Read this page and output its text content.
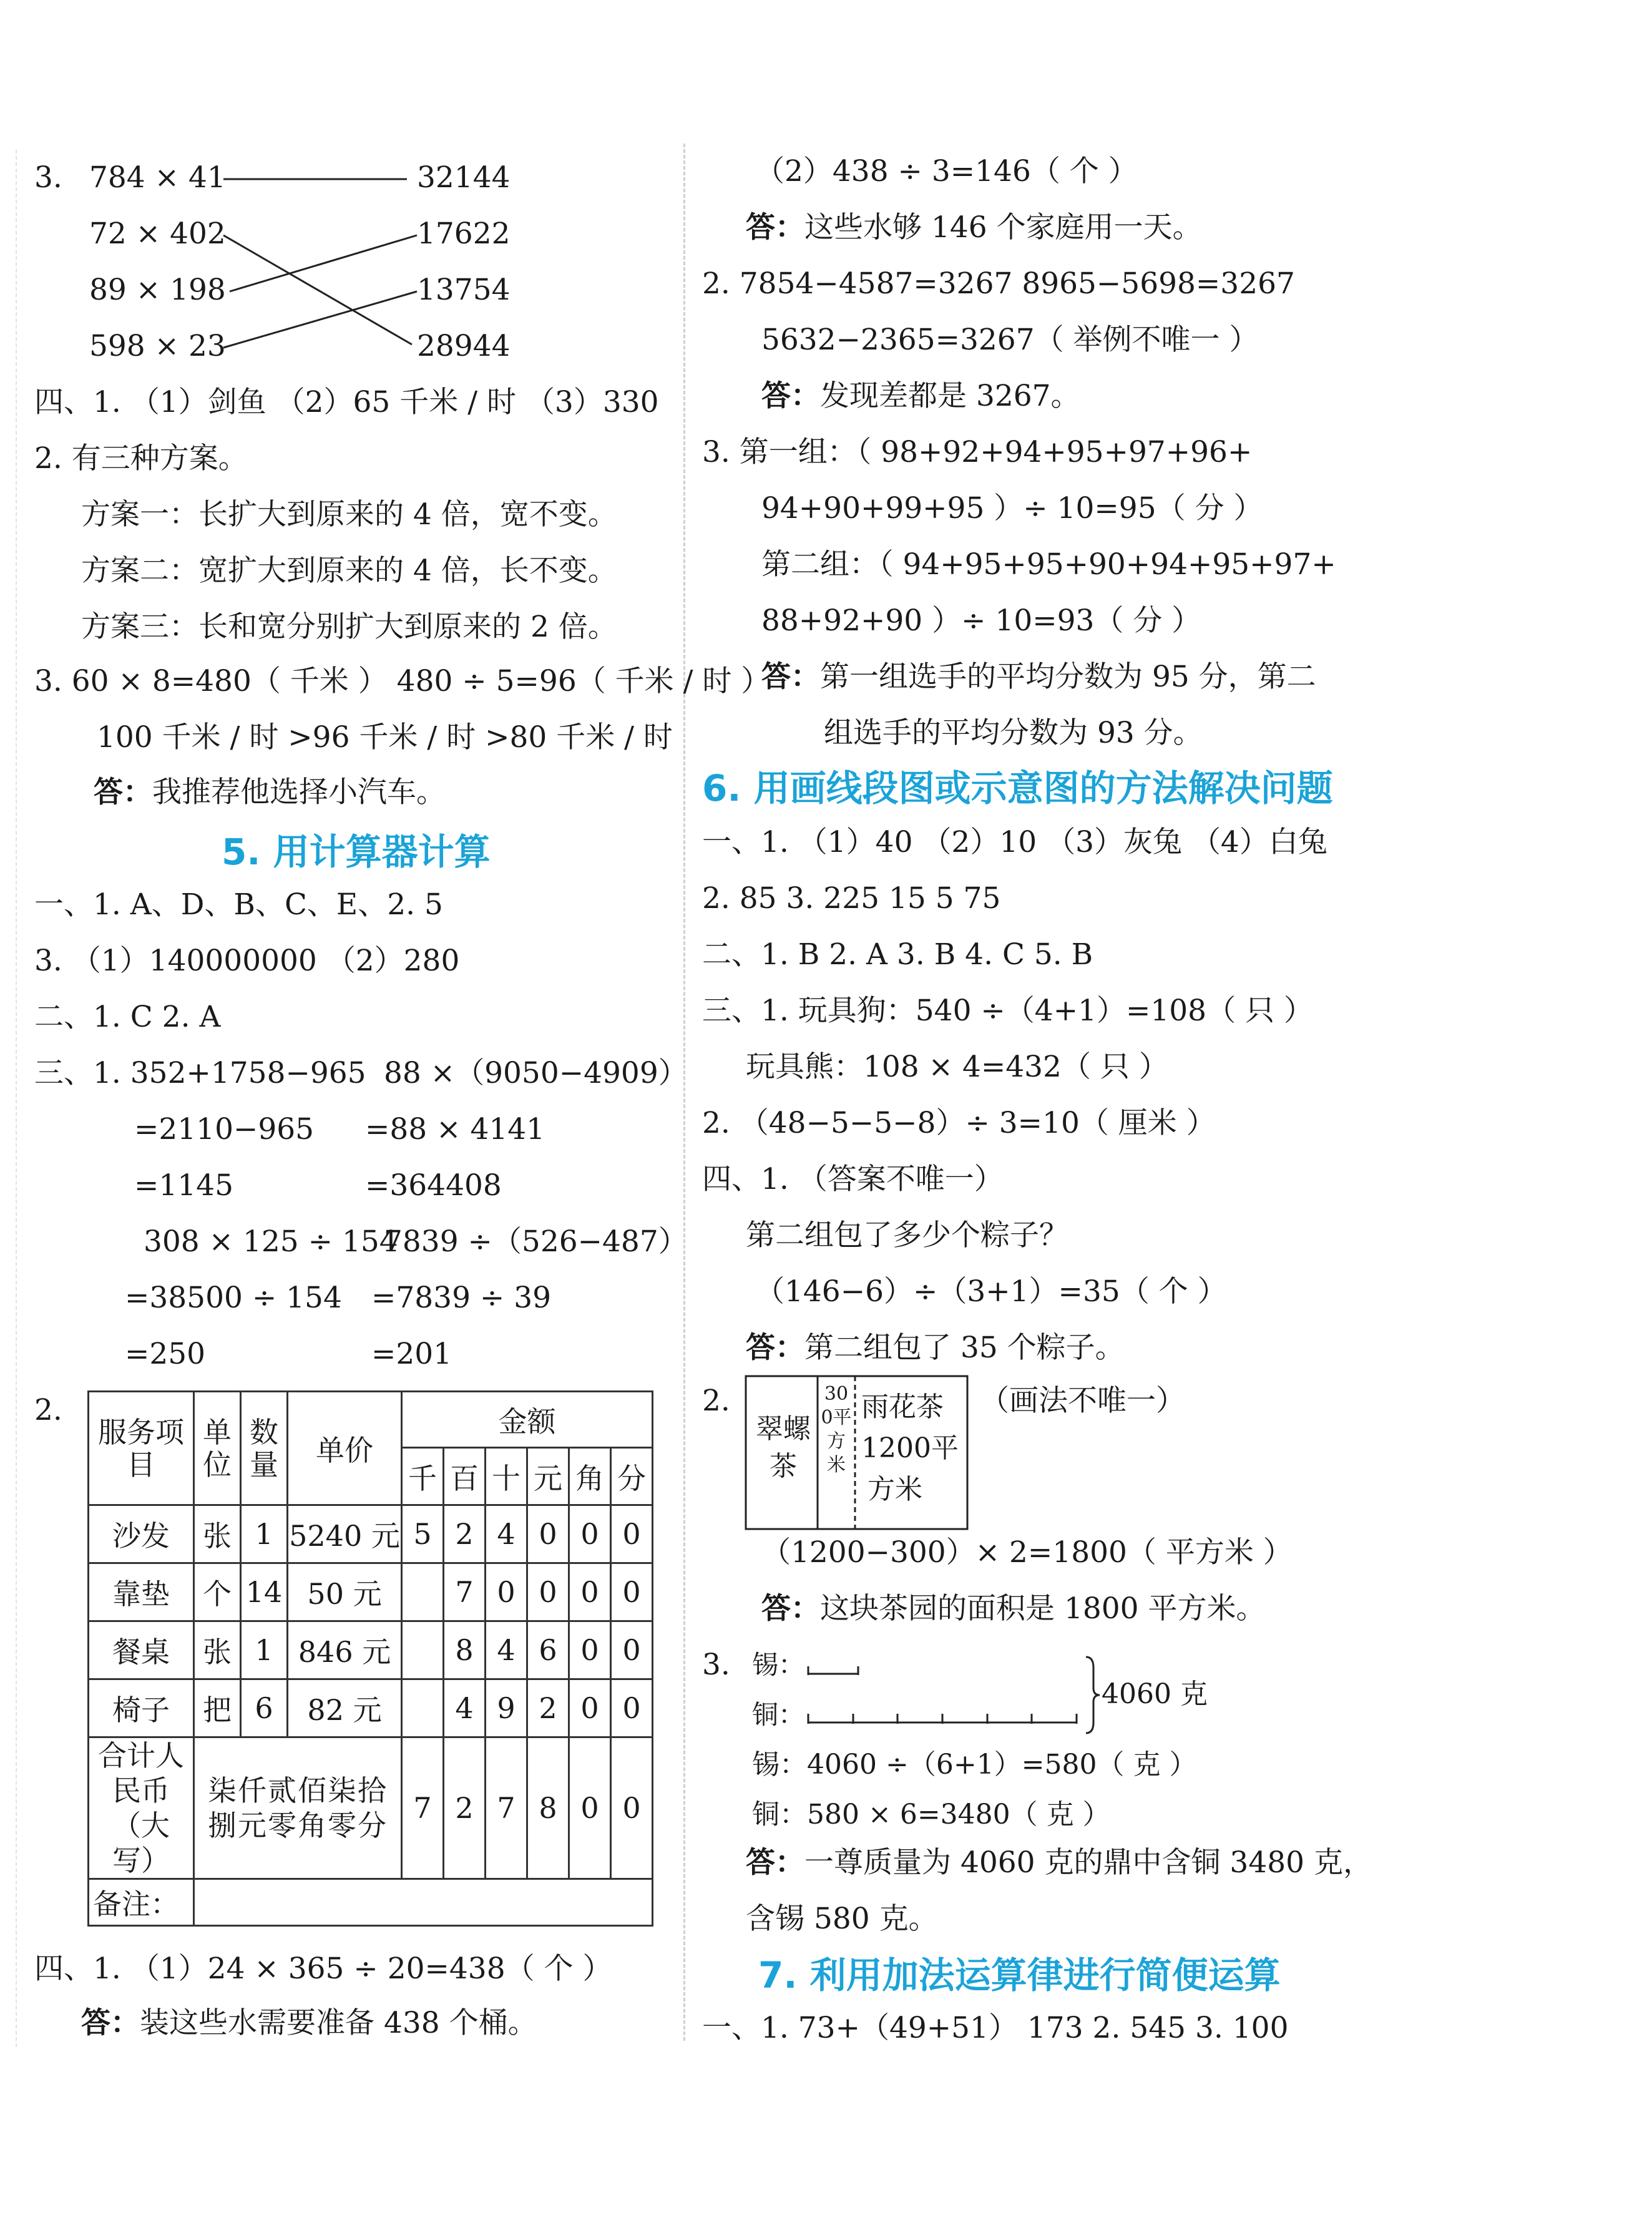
3. 784 × 41
72 × 402
89 × 198
598 × 23
32144
17622
13754
28944
四、1. （1）剑鱼 （2）65 千米 / 时 （3）330
2. 有三种方案。
方案一：长扩大到原来的 4 倍，宽不变。
方案二：宽扩大到原来的 4 倍，长不变。
方案三：长和宽分别扩大到原来的 2 倍。
3. 60 × 8=480（ 千米 ） 480 ÷ 5=96（ 千米 / 时 ）
100 千米 / 时 >96 千米 / 时 >80 千米 / 时
答：我推荐他选择小汽车。
5. 用计算器计算
一、1. A、D、B、C、E、2. 5
3. （1）140000000 （2）280
二、1. C 2. A
三、1. 352+1758−965 88 ×（9050−4909）
=2110−965 =88 × 4141
=1145	=364408
308 × 125 ÷ 154
7839 ÷（526−487）
=38500 ÷ 154 =7839 ÷ 39
=250	=201
2.
服务项目	单位	数量	单价	金额					
				千	百	十	元	角	分
沙发	张	1	5240 元	5	2	4	0	0	0
靠垫	个	14	50 元		7	0	0	0	0
餐桌	张	1	846 元		8	4	6	0	0
椅子	把	6	82 元		4	9	2	0	0
合计人民币（大写）	柒仟贰佰柒拾捌元零角零分			7	2	7	8	0	0
备注：									
四、1. （1）24 × 365 ÷ 20=438（ 个 ）
答：装这些水需要准备 438 个桶。
（2）438 ÷ 3=146（ 个 ）
答：这些水够 146 个家庭用一天。
2. 7854−4587=3267 8965−5698=3267
5632−2365=3267（ 举例不唯一 ）
答：发现差都是 3267。
3. 第一组：（ 98+92+94+95+97+96+
94+90+99+95 ）÷ 10=95（ 分 ）
第二组：（ 94+95+95+90+94+95+97+
88+92+90 ）÷ 10=93（ 分 ）
答：第一组选手的平均分数为 95 分，第二
组选手的平均分数为 93 分。
6. 用画线段图或示意图的方法解决问题
一、1. （1）40 （2）10 （3）灰兔 （4）白兔
2. 85 3. 225 15 5 75
二、1. B 2. A 3. B 4. C 5. B
三、1. 玩具狗：540 ÷（4+1）=108（ 只 ）
玩具熊：108 × 4=432（ 只 ）
2. （48−5−5−8）÷ 3=10（ 厘米 ）
四、1. （答案不唯一）
第二组包了多少个粽子？
（146−6）÷（3+1）=35（ 个 ）
答：第二组包了 35 个粽子。
2.
翠螺茶
300平方米
雨花茶
1200平
方米
（画法不唯一）
（1200−300）× 2=1800（ 平方米 ）
答：这块茶园的面积是 1800 平方米。
3. 锡：
铜：
4060 克
锡：4060 ÷（6+1）=580（ 克 ）
铜：580 × 6=3480（ 克 ）
答：一尊质量为 4060 克的鼎中含铜 3480 克，
含锡 580 克。
7. 利用加法运算律进行简便运算
一、1. 73+（49+51） 173 2. 545 3. 100
